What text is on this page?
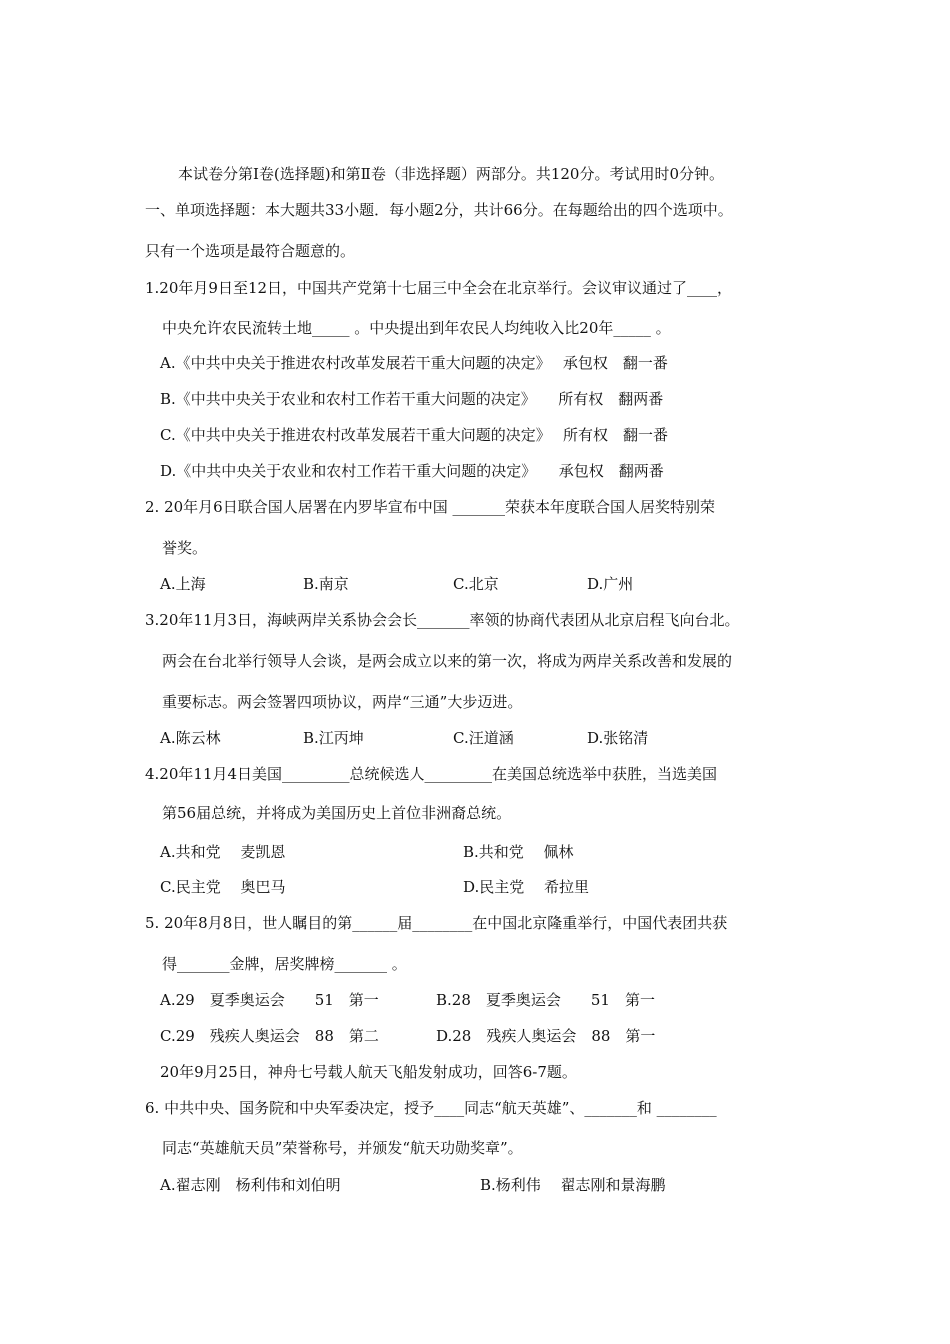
本试卷分第Ⅰ卷(选择题)和第Ⅱ卷（非选择题）两部分。共120分。考试用时0分钟。
一、单项选择题：本大题共33小题．每小题2分，共计66分。在每题给出的四个选项中。
只有一个选项是最符合题意的。
1.20年月9日至12日，中国共产党第十七届三中全会在北京举行。会议审议通过了____，
中央允许农民流转土地_____ 。中央提出到年农民人均纯收入比20年_____ 。
A.《中共中央关于推进农村改革发展若干重大问题的决定》　 承包权　翻一番
B.《中共中央关于农业和农村工作若干重大问题的决定》　　所有权　翻两番
C.《中共中央关于推进农村改革发展若干重大问题的决定》　 所有权　翻一番
D.《中共中央关于农业和农村工作若干重大问题的决定》　　承包权　翻两番
2. 20年月6日联合国人居署在内罗毕宣布中国 _______荣获本年度联合国人居奖特别荣
誉奖。
A.上海	B.南京	C.北京	D.广州
3.20年11月3日，海峡两岸关系协会会长_______率领的协商代表团从北京启程飞向台北。
两会在台北举行领导人会谈，是两会成立以来的第一次，将成为两岸关系改善和发展的
重要标志。两会签署四项协议，两岸“三通”大步迈进。
A.陈云林	B.江丙坤	C.汪道涵	D.张铭清
4.20年11月4日美国_________总统候选人_________在美国总统选举中获胜，当选美国
第56届总统，并将成为美国历史上首位非洲裔总统。
A.共和党　 麦凯恩	B.共和党　 佩林
C.民主党　 奥巴马	D.民主党　 希拉里
5. 20年8月8日，世人瞩目的第______届________在中国北京隆重举行，中国代表团共获
得_______金牌，居奖牌榜_______ 。
A.29　夏季奥运会　　51　第一	B.28　夏季奥运会　　51　第一
C.29　残疾人奥运会　88　第二	D.28　残疾人奥运会　88　第一
20年9月25日，神舟七号载人航天飞船发射成功，回答6-7题。
6. 中共中央、国务院和中央军委决定，授予____同志“航天英雄”、_______和 ________
同志“英雄航天员”荣誉称号，并颁发“航天功勋奖章”。
A.翟志刚　杨利伟和刘伯明	B.杨利伟　 翟志刚和景海鹏
